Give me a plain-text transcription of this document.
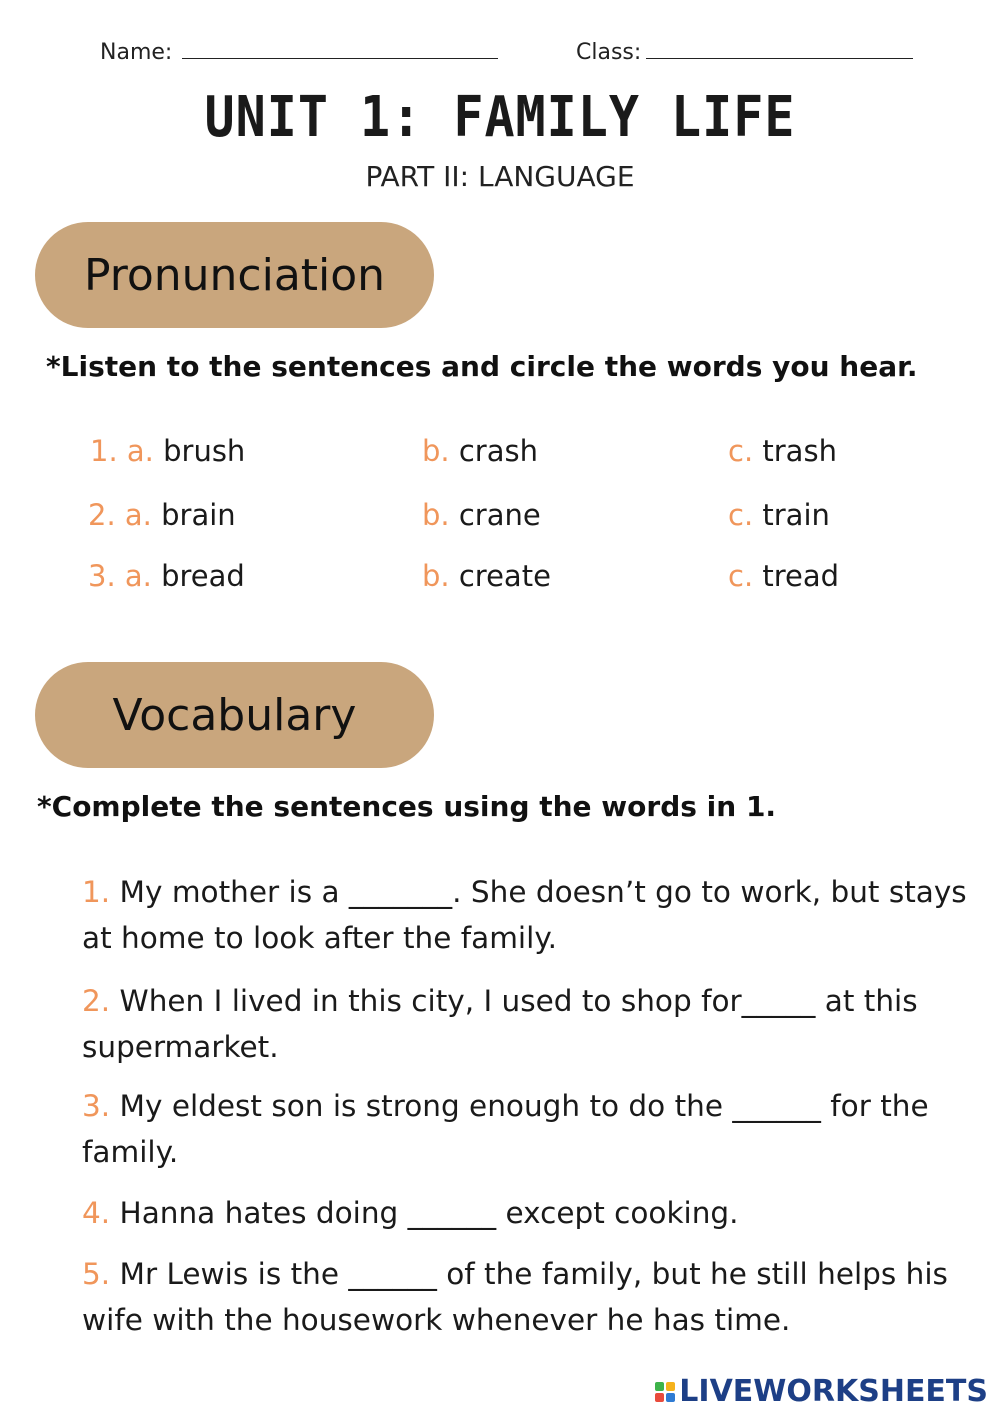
Name:	Class:
UNIT 1: FAMILY LIFE
PART II: LANGUAGE
Pronunciation
*Listen to the sentences and circle the words you hear.
1. a. brush	b. crash	c. trash
2. a. brain	b. crane	c. train
3. a. bread	b. create	c. tread
Vocabulary
*Complete the sentences using the words in 1.
1. My mother is a _______. She doesn’t go to work, but stays at home to look after the family.
2. When I lived in this city, I used to shop for_____ at this supermarket.
3. My eldest son is strong enough to do the ______ for the family.
4. Hanna hates doing ______ except cooking.
5. Mr Lewis is the ______ of the family, but he still helps his wife with the housework whenever he has time.
LIVEWORKSHEETS
